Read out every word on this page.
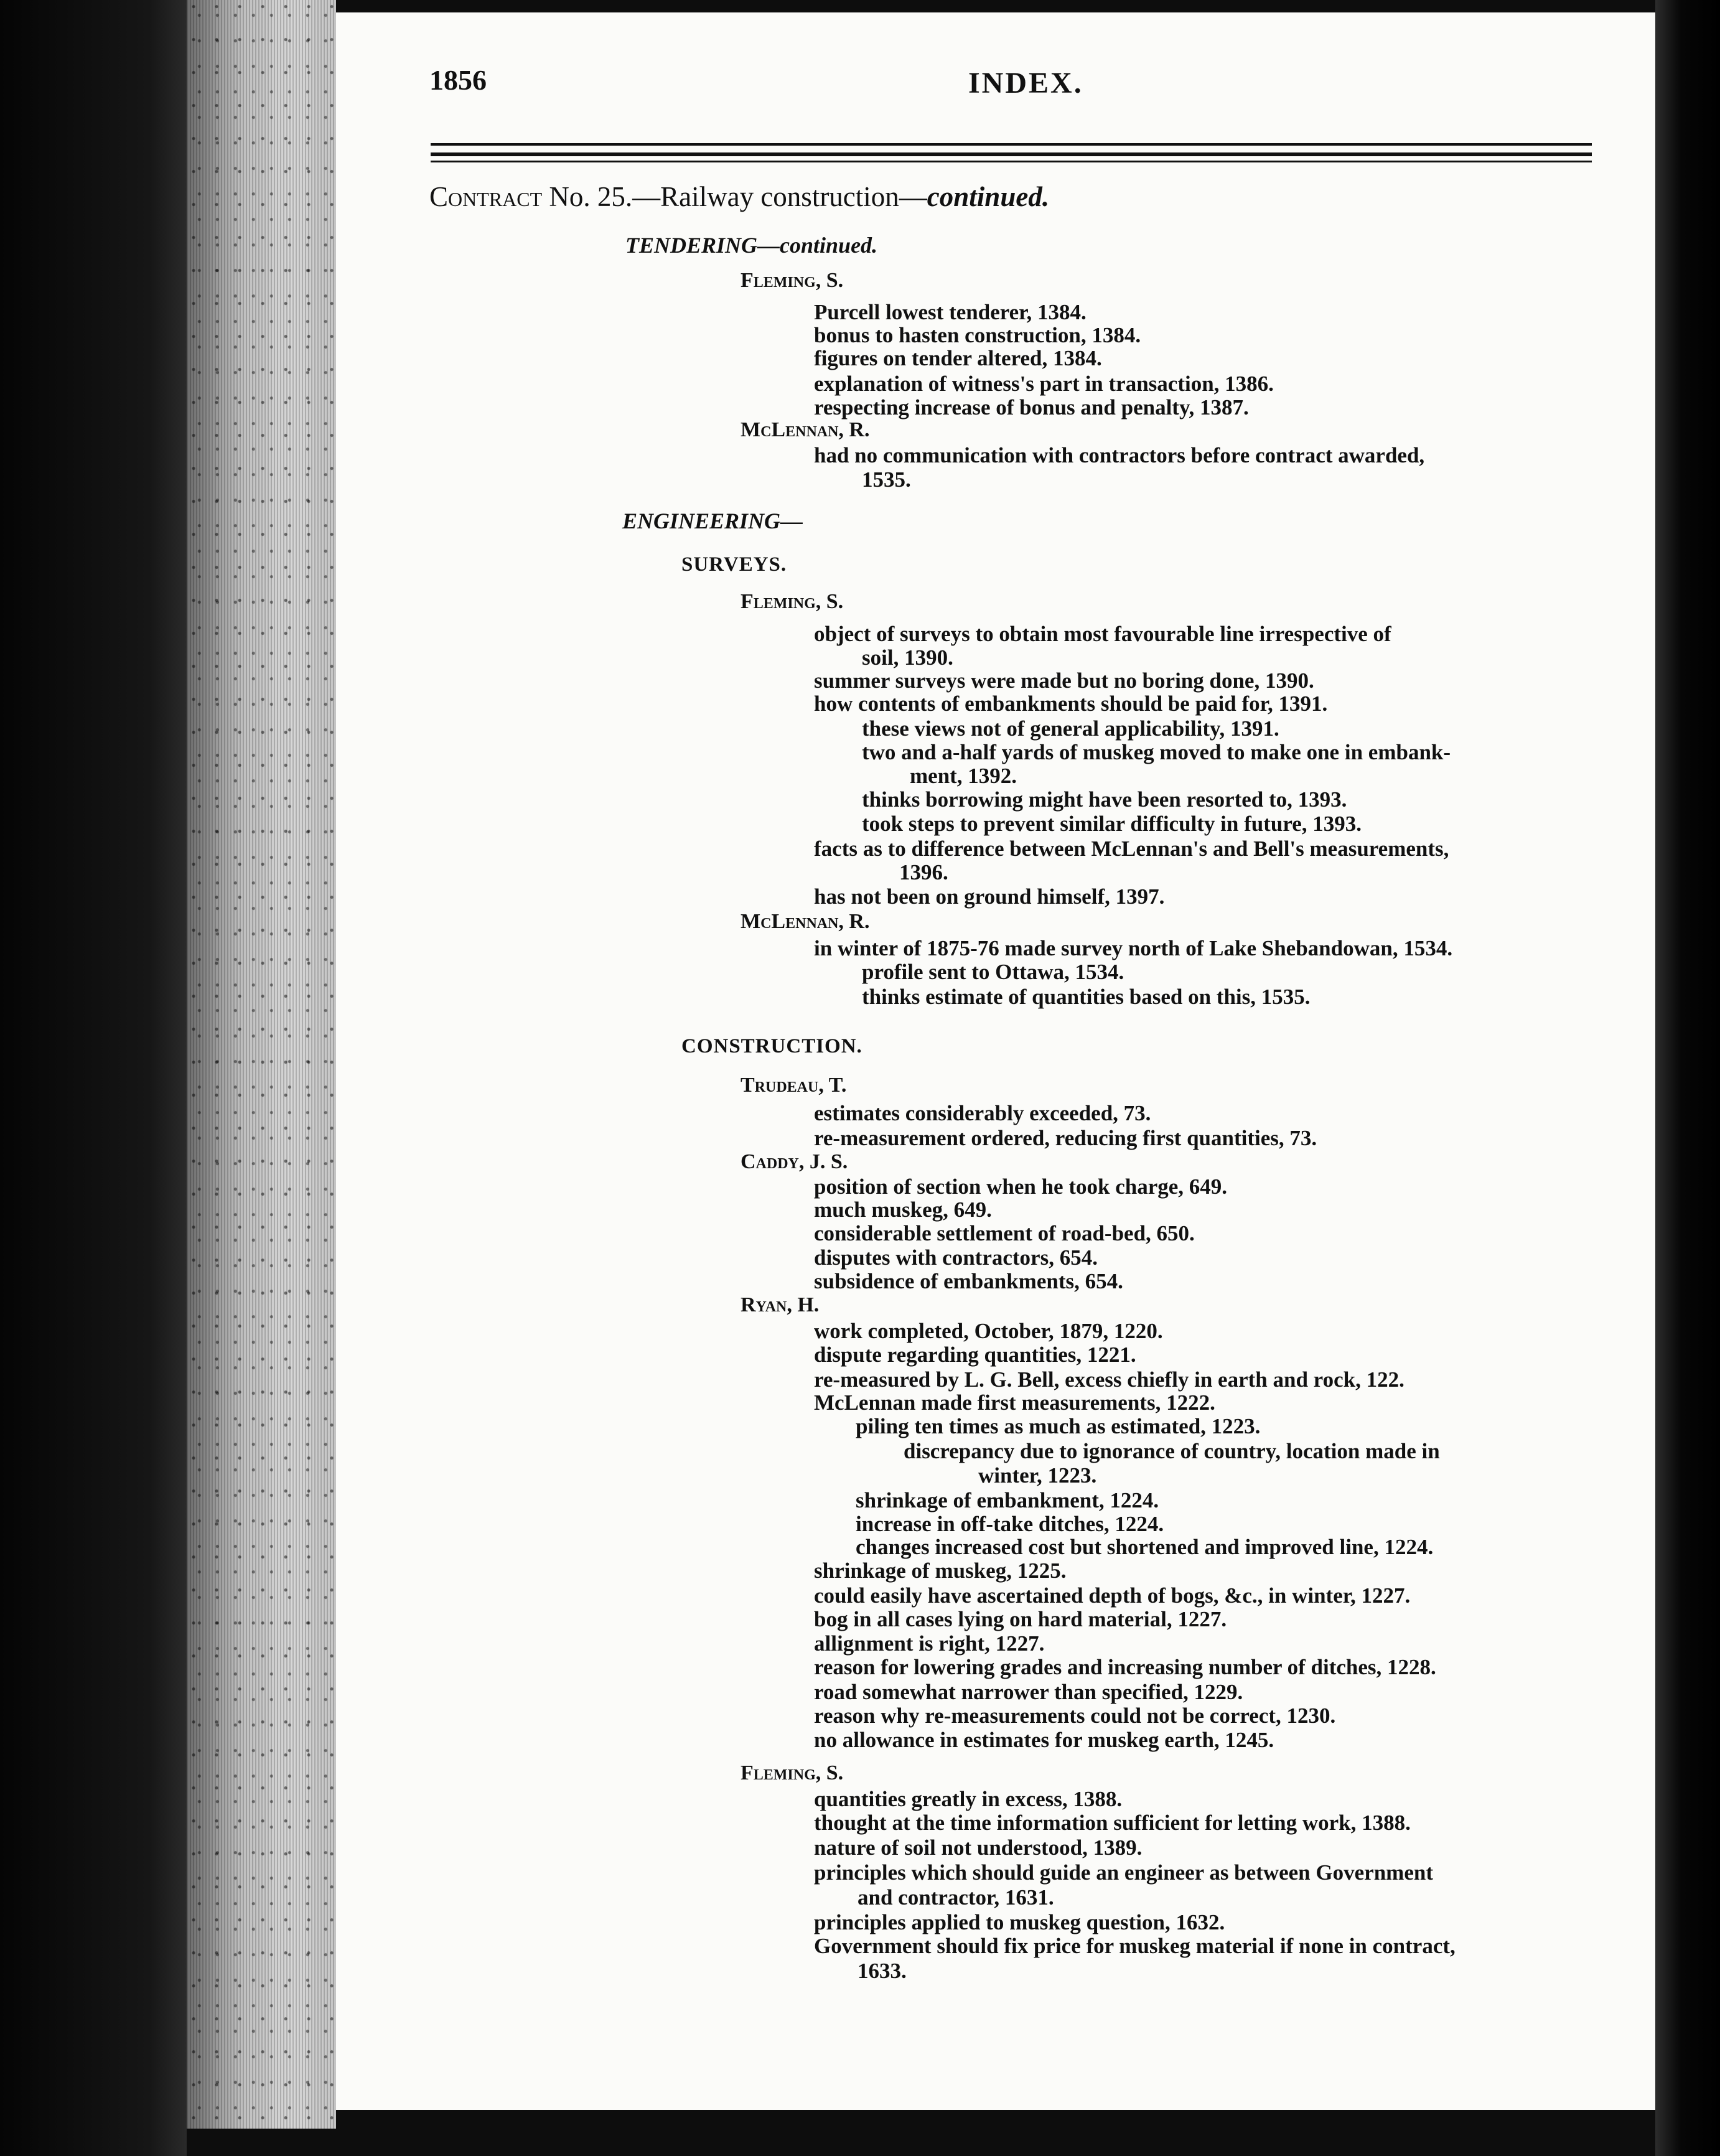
1856	INDEX.
Contract No. 25.—Railway construction—continued.
TENDERING—continued.
Fleming, S.
Purcell lowest tenderer, 1384.
bonus to hasten construction, 1384.
figures on tender altered, 1384.
explanation of witness's part in transaction, 1386.
respecting increase of bonus and penalty, 1387.
McLennan, R.
had no communication with contractors before contract awarded,
1535.
ENGINEERING—
SURVEYS.
Fleming, S.
object of surveys to obtain most favourable line irrespective of
soil, 1390.
summer surveys were made but no boring done, 1390.
how contents of embankments should be paid for, 1391.
these views not of general applicability, 1391.
two and a-half yards of muskeg moved to make one in embank-
ment, 1392.
thinks borrowing might have been resorted to, 1393.
took steps to prevent similar difficulty in future, 1393.
facts as to difference between McLennan's and Bell's measurements,
1396.
has not been on ground himself, 1397.
McLennan, R.
in winter of 1875-76 made survey north of Lake Shebandowan, 1534.
profile sent to Ottawa, 1534.
thinks estimate of quantities based on this, 1535.
CONSTRUCTION.
Trudeau, T.
estimates considerably exceeded, 73.
re-measurement ordered, reducing first quantities, 73.
Caddy, J. S.
position of section when he took charge, 649.
much muskeg, 649.
considerable settlement of road-bed, 650.
disputes with contractors, 654.
subsidence of embankments, 654.
Ryan, H.
work completed, October, 1879, 1220.
dispute regarding quantities, 1221.
re-measured by L. G. Bell, excess chiefly in earth and rock, 122.
McLennan made first measurements, 1222.
piling ten times as much as estimated, 1223.
discrepancy due to ignorance of country, location made in
winter, 1223.
shrinkage of embankment, 1224.
increase in off-take ditches, 1224.
changes increased cost but shortened and improved line, 1224.
shrinkage of muskeg, 1225.
could easily have ascertained depth of bogs, &c., in winter, 1227.
bog in all cases lying on hard material, 1227.
allignment is right, 1227.
reason for lowering grades and increasing number of ditches, 1228.
road somewhat narrower than specified, 1229.
reason why re-measurements could not be correct, 1230.
no allowance in estimates for muskeg earth, 1245.
Fleming, S.
quantities greatly in excess, 1388.
thought at the time information sufficient for letting work, 1388.
nature of soil not understood, 1389.
principles which should guide an engineer as between Government
and contractor, 1631.
principles applied to muskeg question, 1632.
Government should fix price for muskeg material if none in contract,
1633.
